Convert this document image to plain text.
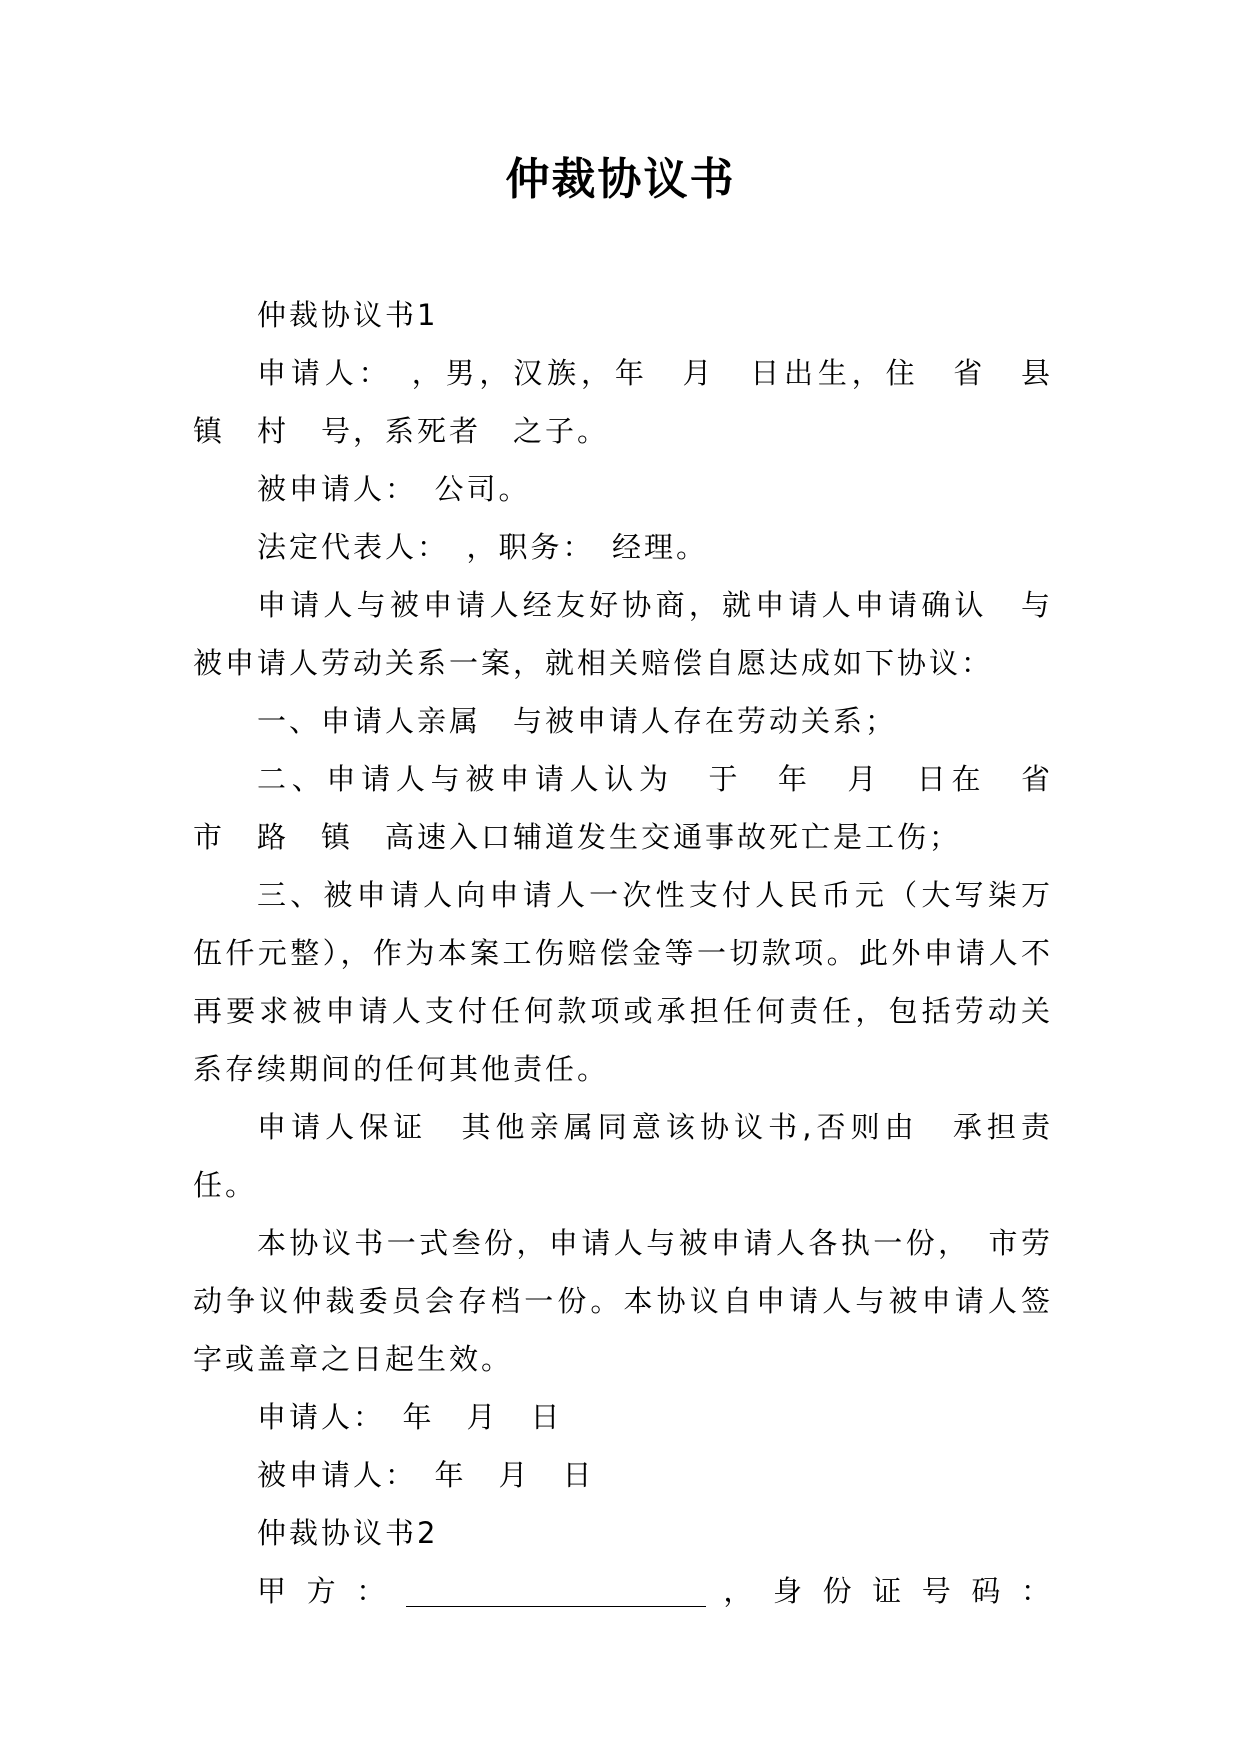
仲裁协议书

仲裁协议书1

申请人：　，男，汉族，年　月　日出生，住　省　县　镇　村　号，系死者　之子。

被申请人：　公司。

法定代表人：　，职务：　经理。

申请人与被申请人经友好协商，就申请人申请确认　与被申请人劳动关系一案，就相关赔偿自愿达成如下协议：

一、申请人亲属　与被申请人存在劳动关系；

二、申请人与被申请人认为　于　年　月　日在　省　市　路　镇　高速入口辅道发生交通事故死亡是工伤；

三、被申请人向申请人一次性支付人民币元（大写柒万伍仟元整），作为本案工伤赔偿金等一切款项。此外申请人不再要求被申请人支付任何款项或承担任何责任，包括劳动关系存续期间的任何其他责任。

申请人保证　其他亲属同意该协议书,否则由　承担责任。

本协议书一式叁份，申请人与被申请人各执一份，　市劳动争议仲裁委员会存档一份。本协议自申请人与被申请人签字或盖章之日起生效。

申请人：　年　月　日

被申请人：　年　月　日

仲裁协议书2

甲方：	，身份证号码：
